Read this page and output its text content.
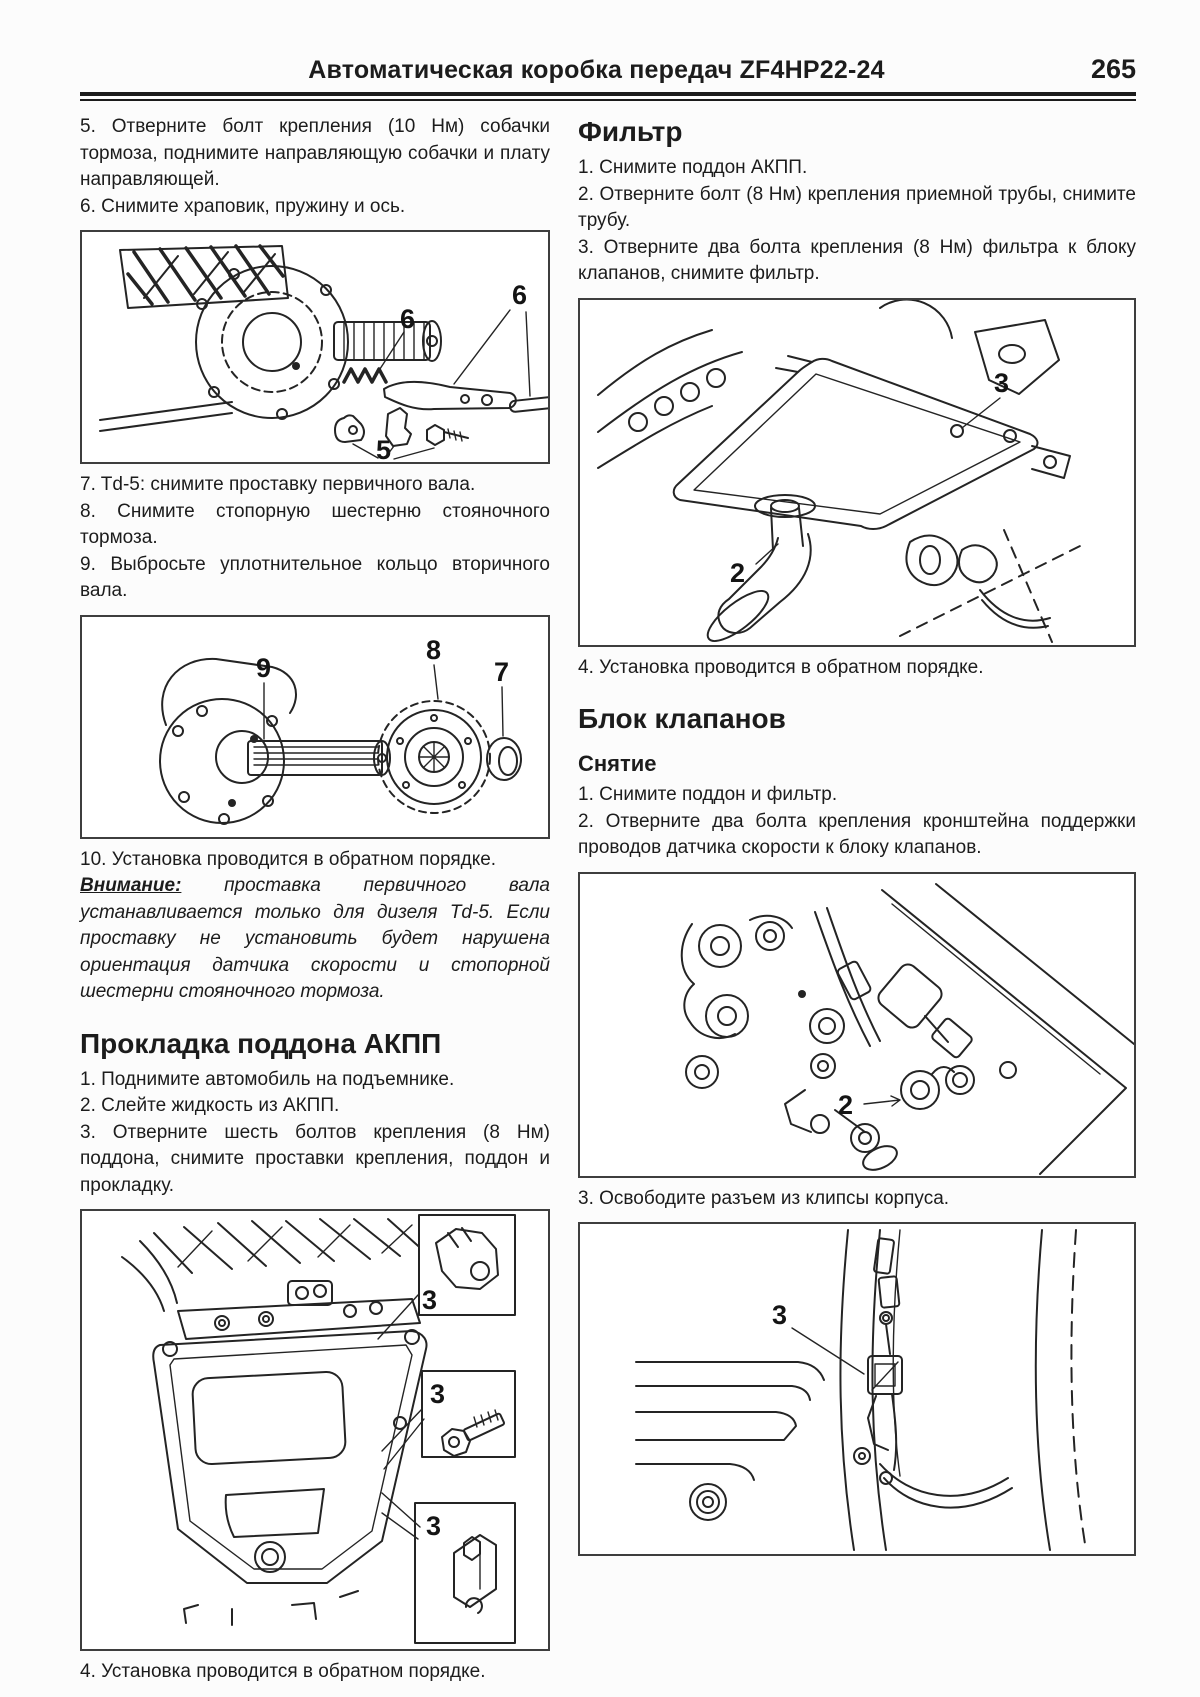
Автоматическая коробка передач ZF4HP22-24	265

5. Отверните болт крепления (10 Нм) собачки тормоза, поднимите направляющую собачки и плату направляющей.

6. Снимите храповик, пружину и ось.

6
6
5

7. Td-5: снимите проставку первичного вала.

8. Снимите стопорную шестерню стояночного тормоза.

9. Выбросьте уплотнительное кольцо вторичного вала.

9
8
7

10. Установка проводится в обратном порядке.

Внимание: проставка первичного вала устанавливается только для дизеля Td-5. Если проставку не установить будет нарушена ориентация датчика скорости и стопорной шестерни стояночного тормоза.

Прокладка поддона АКПП

1. Поднимите автомобиль на подъемнике.

2. Слейте жидкость из АКПП.

3. Отверните шесть болтов крепления (8 Нм) поддона, снимите проставки крепления, поддон и прокладку.

3
3
3

4. Установка проводится в обратном порядке.

Фильтр

1. Снимите поддон АКПП.

2. Отверните болт (8 Нм) крепления приемной трубы, снимите трубу.

3. Отверните два болта крепления (8 Нм) фильтра к блоку клапанов, снимите фильтр.

3
2

4. Установка проводится в обратном порядке.

Блок клапанов
Снятие

1. Снимите поддон и фильтр.

2. Отверните два болта крепления кронштейна поддержки проводов датчика скорости к блоку клапанов.

2

3. Освободите разъем из клипсы корпуса.

3
